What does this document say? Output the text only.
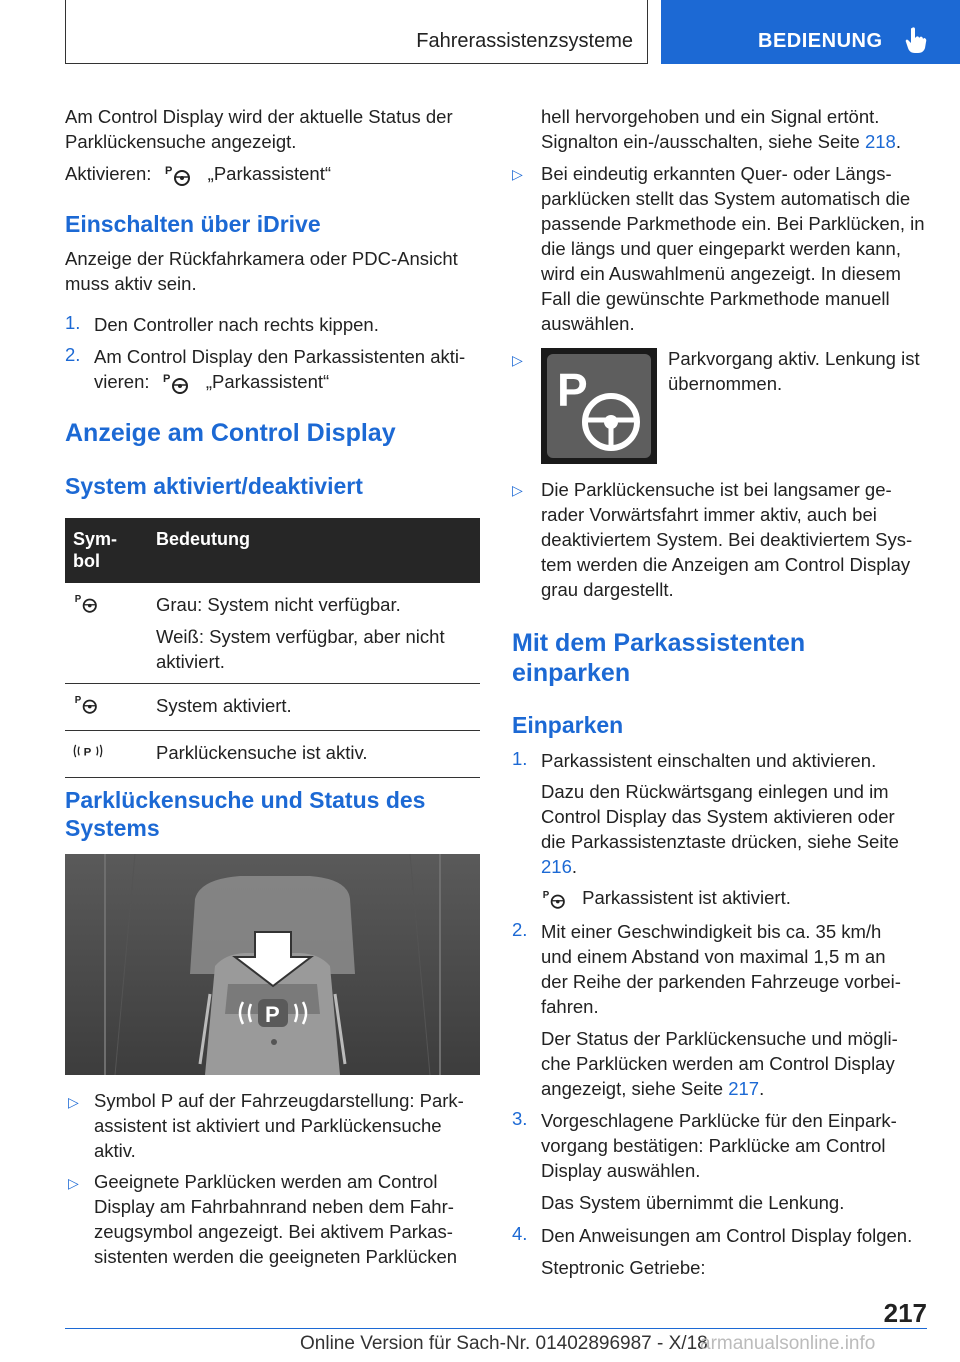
Fahrerassistenzsysteme	BEDIENUNG

Am Control Display wird der aktuelle Status der Parklückensuche angezeigt.

Aktivieren: P „Parkassistent“
Einschalten über iDrive

Anzeige der Rückfahrkamera oder PDC-Ansicht muss aktiv sein.

1. Den Controller nach rechts kippen.

2. Am Control Display den Parkassistenten akti-

vieren: P „Parkassistent“
Anzeige am Control Display
System aktiviert/deaktiviert
Sym-
bol	Bedeutung

P	Grau: System nicht verfügbar.
Weiß: System verfügbar, aber nicht aktiviert.

P	System aktiviert.

P	Parklückensuche ist aktiv.
Parklückensuche und Status des Systems
P
▷ Symbol P auf der Fahrzeugdarstellung: Park-assistent ist aktiviert und Parklückensuche aktiv.

▷ Geeignete Parklücken werden am Control Display am Fahrbahnrand neben dem Fahr-zeugsymbol angezeigt. Bei aktivem Parkas-sistenten werden die geeigneten Parklücken

hell hervorgehoben und ein Signal ertönt. Signalton ein-/ausschalten, siehe Seite 218.

▷ Bei eindeutig erkannten Quer- oder Längs-parklücken stellt das System automatisch die passende Parkmethode ein. Bei Parklücken, in die längs und quer eingeparkt werden kann, wird ein Auswahlmenü angezeigt. In diesem Fall die gewünschte Parkmethode manuell auswählen.

▷
P

Parkvorgang aktiv. Lenkung ist übernommen.

▷ Die Parklückensuche ist bei langsamer ge-rader Vorwärtsfahrt immer aktiv, auch bei deaktiviertem System. Bei deaktiviertem Sys-tem werden die Anzeigen am Control Display grau dargestellt.

Mit dem Parkassistenten einparken
Einparken
1. Parkassistent einschalten und aktivieren.

Dazu den Rückwärtsgang einlegen und im Control Display das System aktivieren oder die Parkassistenztaste drücken, siehe Seite 216.

P Parkassistent ist aktiviert.
2. Mit einer Geschwindigkeit bis ca. 35 km/h und einem Abstand von maximal 1,5 m an der Reihe der parkenden Fahrzeuge vorbei-fahren.

Der Status der Parklückensuche und mögli-che Parklücken werden am Control Display angezeigt, siehe Seite 217.

3. Vorgeschlagene Parklücke für den Einpark-vorgang bestätigen: Parklücke am Control Display auswählen.

Das System übernimmt die Lenkung.

4. Den Anweisungen am Control Display folgen.

Steptronic Getriebe:

217
Online Version für Sach-Nr. 01402896987 - X/18
armanualsonline.info
